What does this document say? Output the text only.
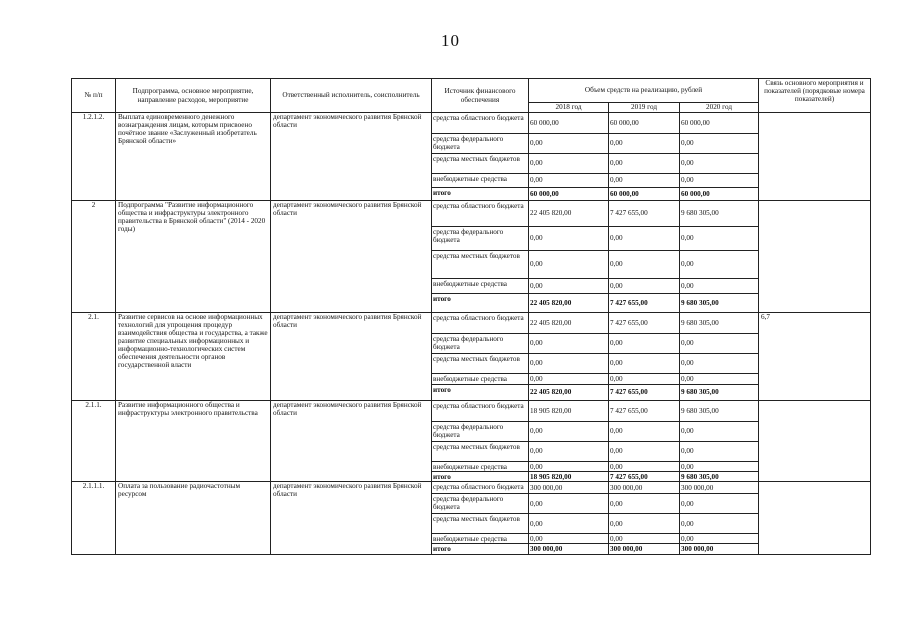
10
№ п/п	Подпрограмма, основное мероприятие, направление расходов, мероприятие	Ответственный исполнитель, соисполнитель	Источник финансового обеспечения	Объем средств на реализацию, рублей			Связь основного мероприятия и показателей (порядковые номера показателей)
				2018 год	2019 год	2020 год	
1.2.1.2.	Выплата единовременного денежного вознаграждения лицам, которым присвоено почётное звание «Заслуженный изобретатель Брянской области»	департамент экономического развития Брянской области	средства областного бюджета	60 000,00	60 000,00	60 000,00	
			средства федерального бюджета	0,00	0,00	0,00	
			средства местных бюджетов	0,00	0,00	0,00	
			внебюджетные средства	0,00	0,00	0,00	
			итого	60 000,00	60 000,00	60 000,00	
2	Подпрограмма "Развитие информационного общества и инфраструктуры электронного правительства в Брянской области" (2014 - 2020 годы)	департамент экономического развития Брянской области	средства областного бюджета	22 405 820,00	7 427 655,00	9 680 305,00	
			средства федерального бюджета	0,00	0,00	0,00	
			средства местных бюджетов	0,00	0,00	0,00	
			внебюджетные средства	0,00	0,00	0,00	
			итого	22 405 820,00	7 427 655,00	9 680 305,00	
2.1.	Развитие сервисов на основе информационных технологий для упрощения процедур взаимодействия общества и государства, а также развитие специальных информационных и информационно-технологических систем обеспечения деятельности органов государственной власти	департамент экономического развития Брянской области	средства областного бюджета	22 405 820,00	7 427 655,00	9 680 305,00	6,7
			средства федерального бюджета	0,00	0,00	0,00	
			средства местных бюджетов	0,00	0,00	0,00	
			внебюджетные средства	0,00	0,00	0,00	
			итого	22 405 820,00	7 427 655,00	9 680 305,00	
2.1.1.	Развитие информационного общества и инфраструктуры электронного правительства	департамент экономического развития Брянской области	средства областного бюджета	18 905 820,00	7 427 655,00	9 680 305,00	
			средства федерального бюджета	0,00	0,00	0,00	
			средства местных бюджетов	0,00	0,00	0,00	
			внебюджетные средства	0,00	0,00	0,00	
			итого	18 905 820,00	7 427 655,00	9 680 305,00	
2.1.1.1.	Оплата за пользование радиочастотным ресурсом	департамент экономического развития Брянской области	средства областного бюджета	300 000,00	300 000,00	300 000,00	
			средства федерального бюджета	0,00	0,00	0,00	
			средства местных бюджетов	0,00	0,00	0,00	
			внебюджетные средства	0,00	0,00	0,00	
			итого	300 000,00	300 000,00	300 000,00	
